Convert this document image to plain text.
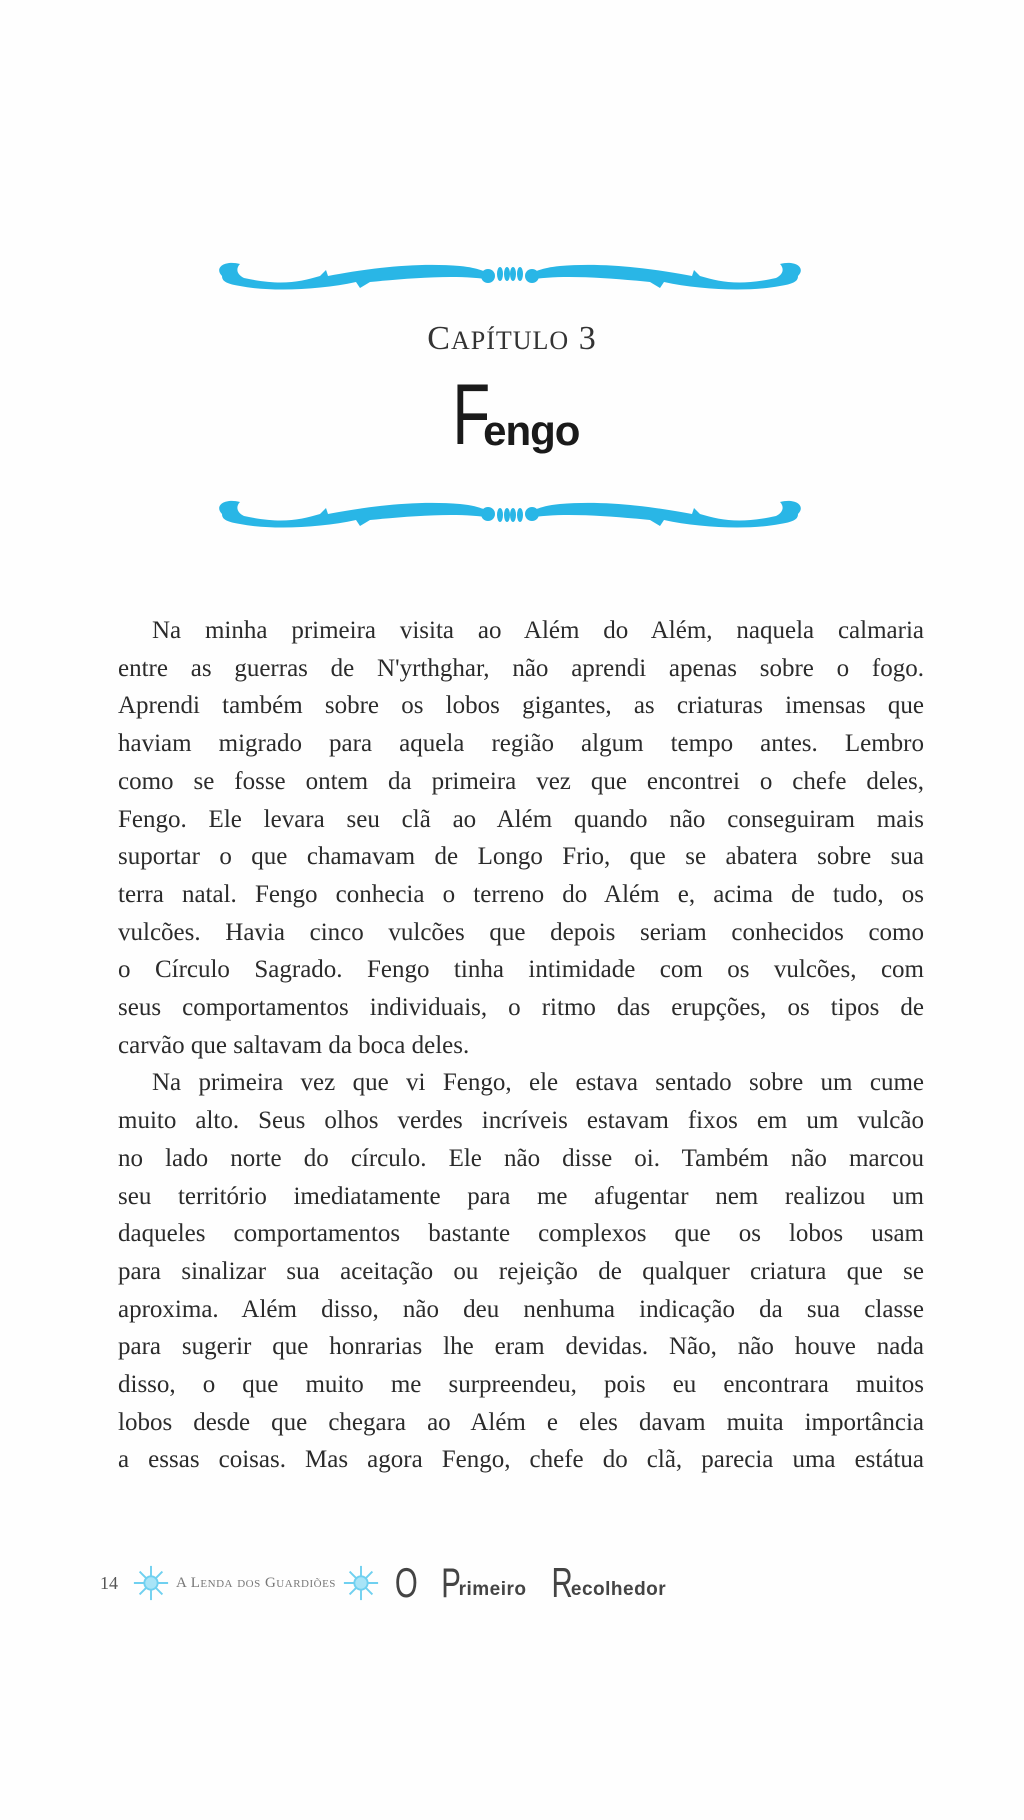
CAPÍTULO 3
Fengo

Na minha primeira visita ao Além do Além, naquela calmaria
entre as guerras de N'yrthghar, não aprendi apenas sobre o fogo.
Aprendi também sobre os lobos gigantes, as criaturas imensas que
haviam migrado para aquela região algum tempo antes. Lembro
como se fosse ontem da primeira vez que encontrei o chefe deles,
Fengo. Ele levara seu clã ao Além quando não conseguiram mais
suportar o que chamavam de Longo Frio, que se abatera sobre sua
terra natal. Fengo conhecia o terreno do Além e, acima de tudo, os
vulcões. Havia cinco vulcões que depois seriam conhecidos como
o Círculo Sagrado. Fengo tinha intimidade com os vulcões, com
seus comportamentos individuais, o ritmo das erupções, os tipos de
carvão que saltavam da boca deles.

Na primeira vez que vi Fengo, ele estava sentado sobre um cume
muito alto. Seus olhos verdes incríveis estavam fixos em um vulcão
no lado norte do círculo. Ele não disse oi. Também não marcou
seu território imediatamente para me afugentar nem realizou um
daqueles comportamentos bastante complexos que os lobos usam
para sinalizar sua aceitação ou rejeição de qualquer criatura que se
aproxima. Além disso, não deu nenhuma indicação da sua classe
para sugerir que honrarias lhe eram devidas. Não, não houve nada
disso, o que muito me surpreendeu, pois eu encontrara muitos
lobos desde que chegara ao Além e eles davam muita importância
a essas coisas. Mas agora Fengo, chefe do clã, parecia uma estátua

14	A Lenda dos Guardiões O P
rimeiro R
ecolhedor
